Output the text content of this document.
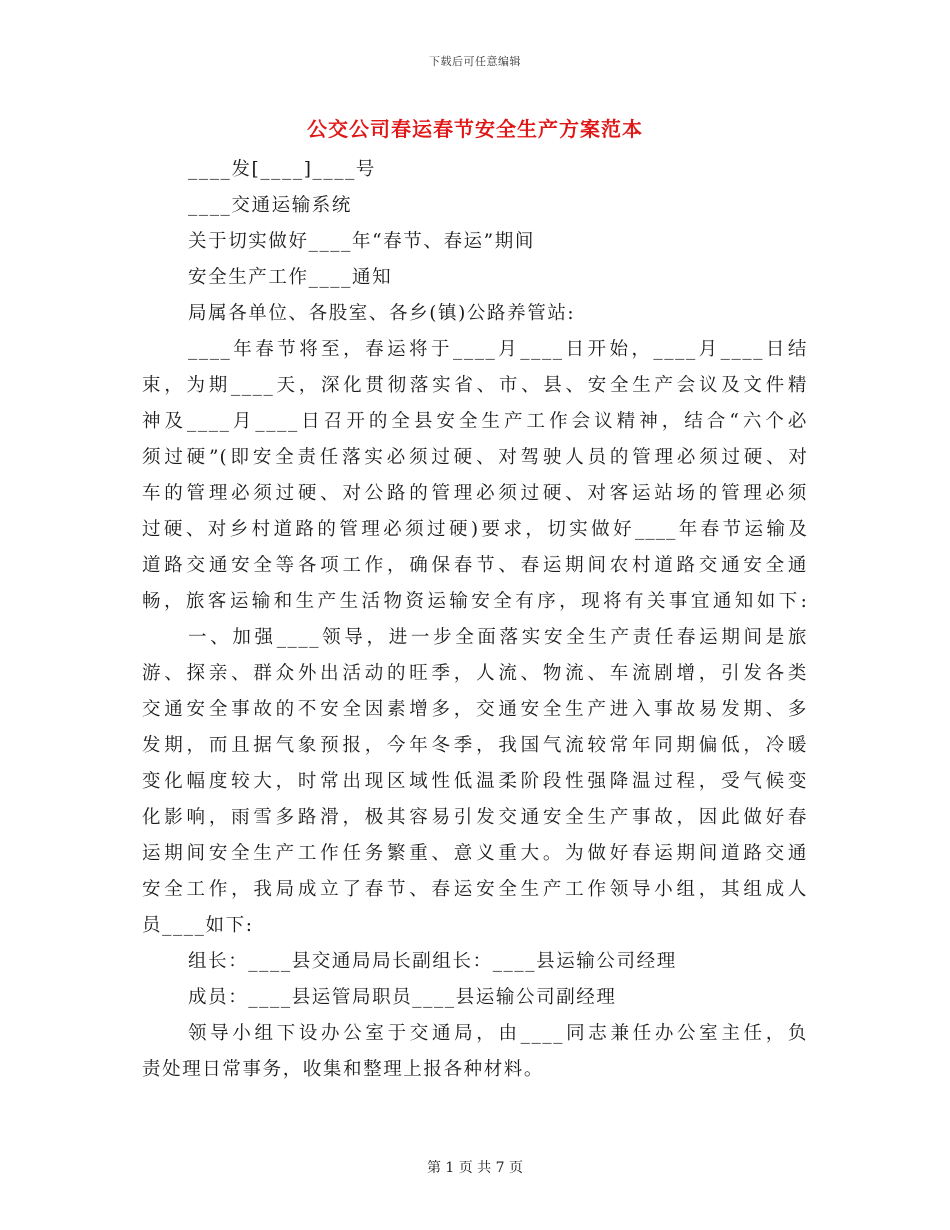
下载后可任意编辑
公交公司春运春节安全生产方案范本
____发[____]____号
____交通运输系统
关于切实做好____年“春节、春运”期间
安全生产工作____通知
局属各单位、各股室、各乡(镇)公路养管站:
____年春节将至，春运将于____月____日开始，____月____日结
束，为期____天，深化贯彻落实省、市、县、安全生产会议及文件精
神及____月____日召开的全县安全生产工作会议精神，结合“六个必
须过硬”(即安全责任落实必须过硬、对驾驶人员的管理必须过硬、对
车的管理必须过硬、对公路的管理必须过硬、对客运站场的管理必须
过硬、对乡村道路的管理必须过硬)要求，切实做好____年春节运输及
道路交通安全等各项工作，确保春节、春运期间农村道路交通安全通
畅，旅客运输和生产生活物资运输安全有序，现将有关事宜通知如下:
一、加强____领导，进一步全面落实安全生产责任春运期间是旅
游、探亲、群众外出活动的旺季，人流、物流、车流剧增，引发各类
交通安全事故的不安全因素增多，交通安全生产进入事故易发期、多
发期，而且据气象预报，今年冬季，我国气流较常年同期偏低，冷暖
变化幅度较大，时常出现区域性低温柔阶段性强降温过程，受气候变
化影响，雨雪多路滑，极其容易引发交通安全生产事故，因此做好春
运期间安全生产工作任务繁重、意义重大。为做好春运期间道路交通
安全工作，我局成立了春节、春运安全生产工作领导小组，其组成人
员____如下:
组长：____县交通局局长副组长：____县运输公司经理
成员：____县运管局职员____县运输公司副经理
领导小组下设办公室于交通局，由____同志兼任办公室主任，负
责处理日常事务，收集和整理上报各种材料。
第 1 页 共 7 页
